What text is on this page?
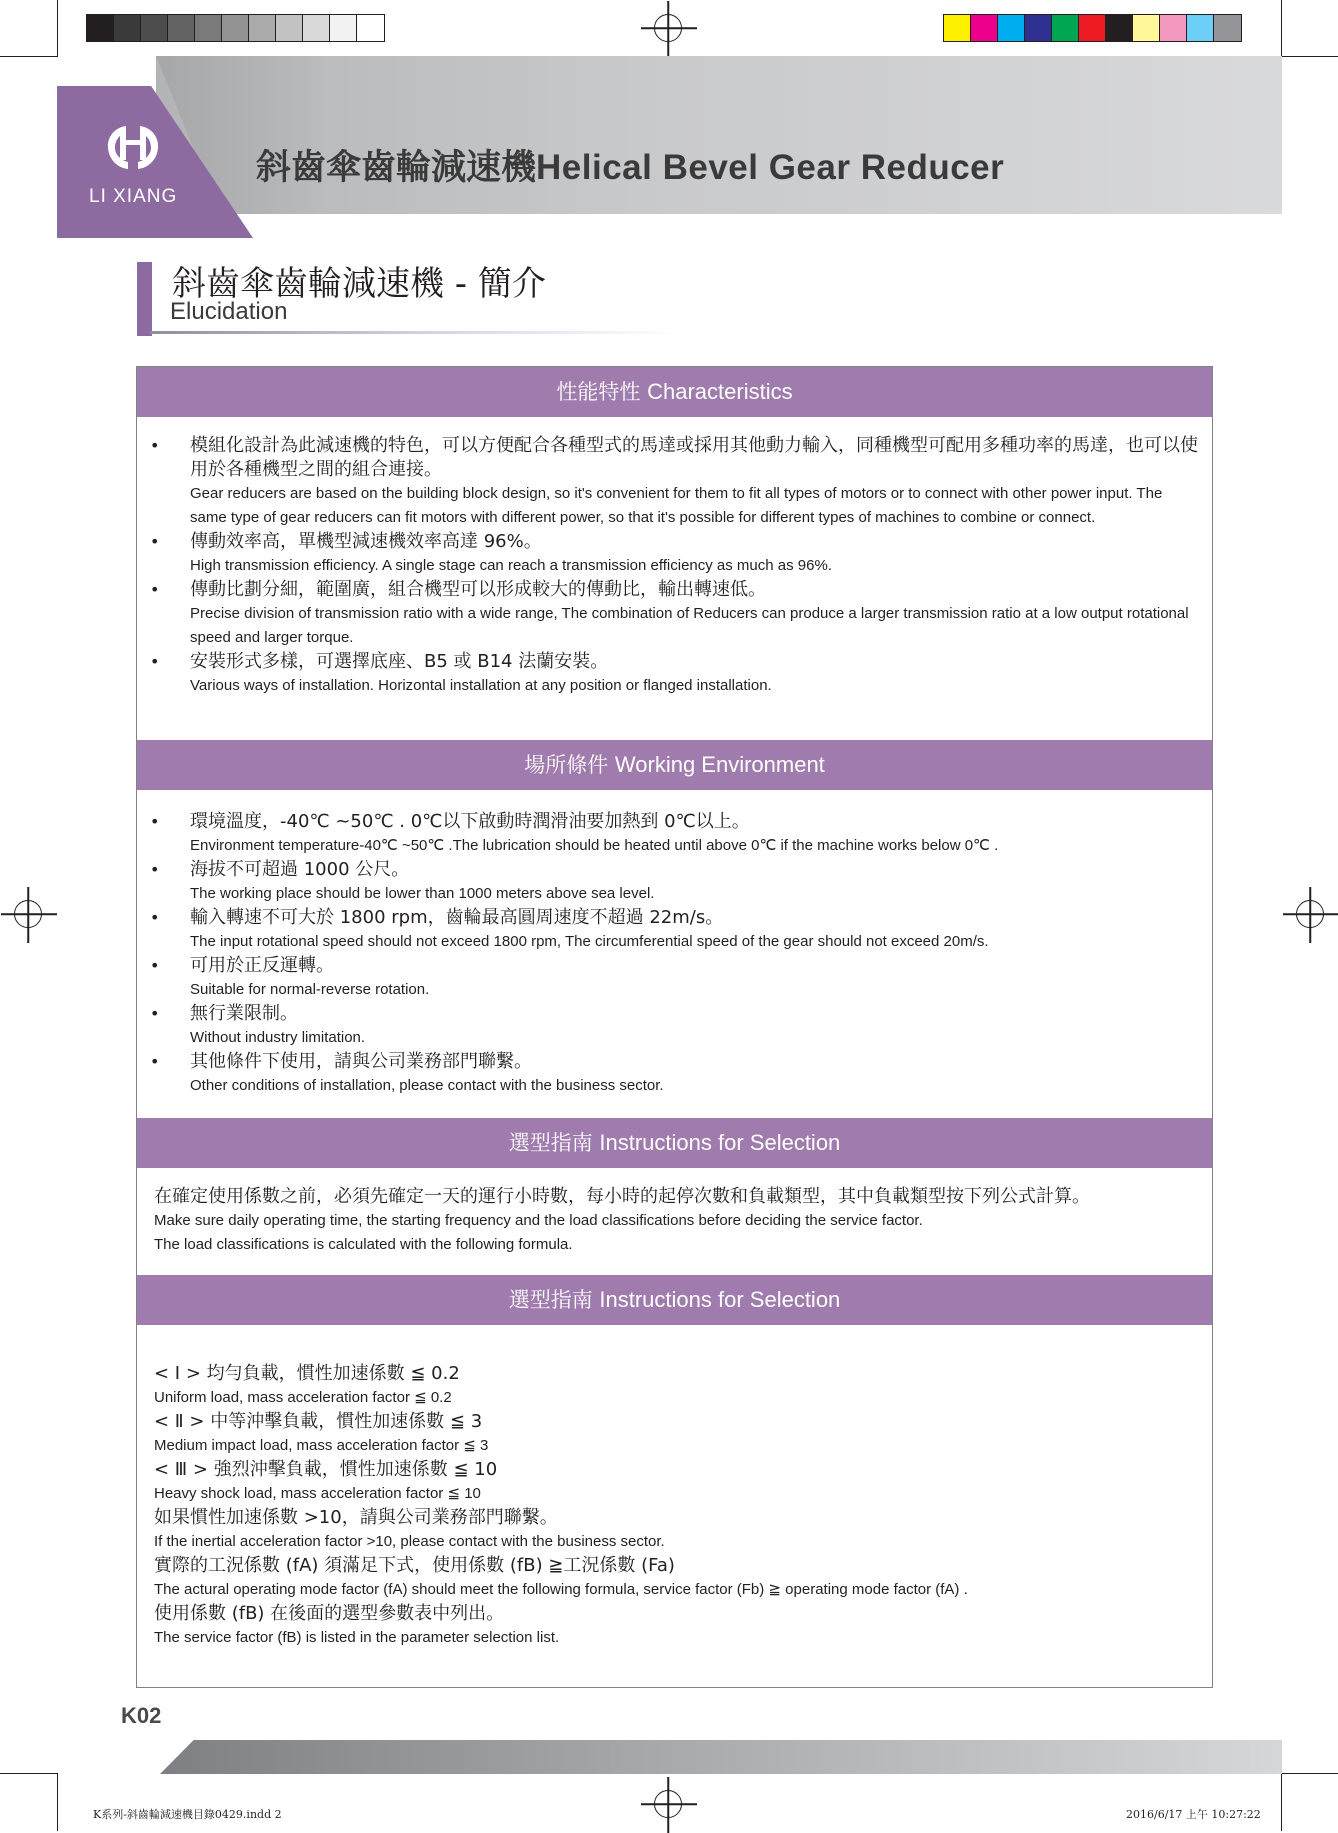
LI XIANG
斜齒傘齒輪減速機Helical Bevel Gear Reducer
斜齒傘齒輪減速機 - 簡介
Elucidation
性能特性 Characteristics

• 模組化設計為此減速機的特色，可以方便配合各種型式的馬達或採用其他動力輸入，同種機型可配用多種功率的馬達，也可以使用於各種機型之間的組合連接。

Gear reducers are based on the building block design, so it's convenient for them to fit all types of motors or to connect with other power input. The same type of gear reducers can fit motors with different power, so that it's possible for different types of machines to combine or connect.

• 傳動效率高，單機型減速機效率高達 96%。

High transmission efficiency. A single stage can reach a transmission efficiency as much as 96%.

• 傳動比劃分細，範圍廣，組合機型可以形成較大的傳動比，輸出轉速低。

Precise division of transmission ratio with a wide range, The combination of Reducers can produce a larger transmission ratio at a low output rotational speed and larger torque.

• 安裝形式多樣，可選擇底座、B5 或 B14 法蘭安裝。

Various ways of installation. Horizontal installation at any position or flanged installation.

場所條件 Working Environment

• 環境溫度，-40℃ ~50℃ . 0℃以下啟動時潤滑油要加熱到 0℃以上。

Environment temperature-40℃ ~50℃ .The lubrication should be heated until above 0℃ if the machine works below 0℃ .

• 海拔不可超過 1000 公尺。

The working place should be lower than 1000 meters above sea level.

• 輸入轉速不可大於 1800 rpm，齒輪最高圓周速度不超過 22m/s。

The input rotational speed should not exceed 1800 rpm, The circumferential speed of the gear should not exceed 20m/s.

• 可用於正反運轉。

Suitable for normal-reverse rotation.

• 無行業限制。

Without industry limitation.

• 其他條件下使用，請與公司業務部門聯繫。

Other conditions of installation, please contact with the business sector.

選型指南 Instructions for Selection

在確定使用係數之前，必須先確定一天的運行小時數，每小時的起停次數和負載類型，其中負載類型按下列公式計算。

Make sure daily operating time, the starting frequency and the load classifications before deciding the service factor.

The load classifications is calculated with the following formula.

選型指南 Instructions for Selection

< Ⅰ > 均勻負載，慣性加速係數 ≦ 0.2

Uniform load, mass acceleration factor ≦ 0.2

< Ⅱ > 中等沖擊負載，慣性加速係數 ≦ 3

Medium impact load, mass acceleration factor ≦ 3

< Ⅲ > 強烈沖擊負載，慣性加速係數 ≦ 10

Heavy shock load, mass acceleration factor ≦ 10

如果慣性加速係數 >10，請與公司業務部門聯繫。

If the inertial acceleration factor >10, please contact with the business sector.

實際的工況係數 (fA) 須滿足下式，使用係數 (fB) ≧工況係數 (Fa)

The actural operating mode factor (fA) should meet the following formula, service factor (Fb) ≧ operating mode factor (fA) .

使用係數 (fB) 在後面的選型參數表中列出。

The service factor (fB) is listed in the parameter selection list.

K02
K系列-斜齒輪減速機目錄0429.indd 2	2016/6/17 上午 10:27:22
